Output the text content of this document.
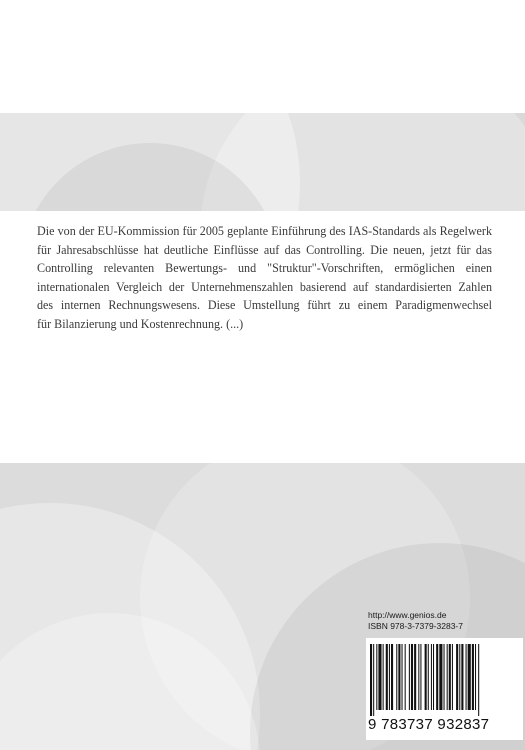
Die von der EU-Kommission für 2005 geplante Einführung des IAS-Standards als Regelwerk
für Jahresabschlüsse hat deutliche Einflüsse auf das Controlling. Die neuen, jetzt für das
Controlling relevanten Bewertungs- und "Struktur"-Vorschriften, ermöglichen einen
internationalen Vergleich der Unternehmenszahlen basierend auf standardisierten Zahlen
des internen Rechnungswesens. Diese Umstellung führt zu einem Paradigmenwechsel
für Bilanzierung und Kostenrechnung. (...)
http://www.genios.de
ISBN 978-3-7379-3283-7
9 783737 932837
